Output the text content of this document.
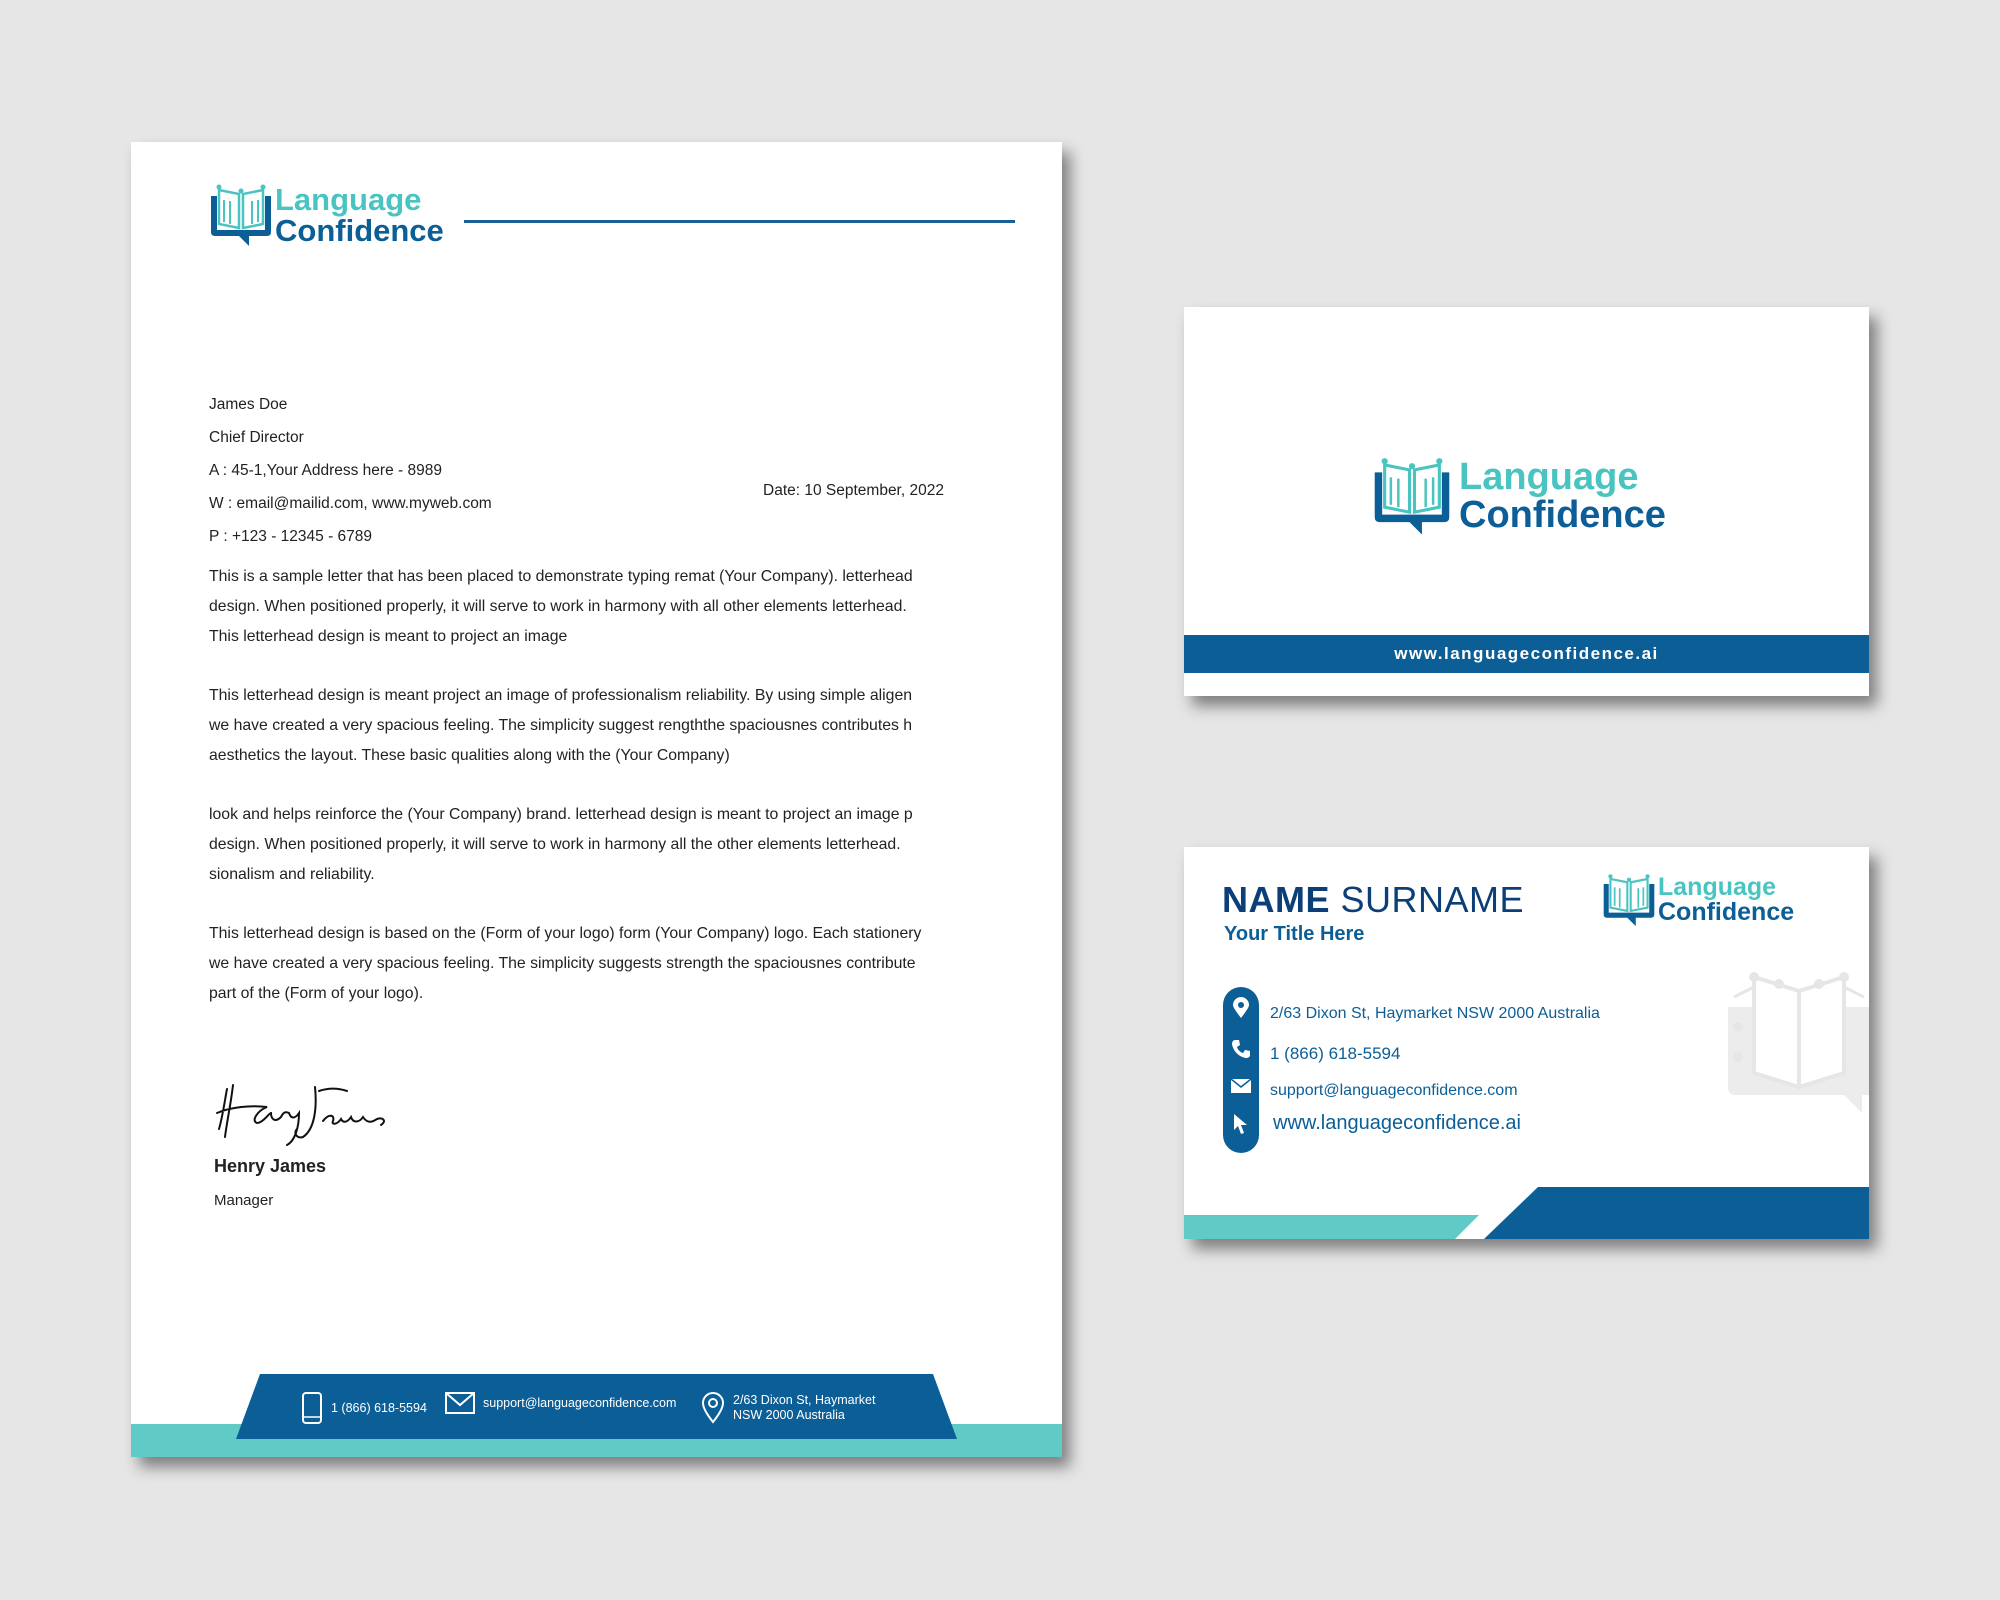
Language
Confidence
James Doe
Chief Director
A : 45-1,Your Address here - 8989
W : email@mailid.com, www.myweb.com
P : +123 - 12345 - 6789
Date: 10 September, 2022

This is a sample letter that has been placed to demonstrate typing remat (Your Company). letterhead
design. When positioned properly, it will serve to work in harmony with all other elements letterhead.
This letterhead design is meant to project an image

This letterhead design is meant project an image of professionalism reliability. By using simple aligen
we have created a very spacious feeling. The simplicity suggest rengththe spaciousnes contributes h
aesthetics the layout. These basic qualities along with the (Your Company)

look and helps reinforce the (Your Company) brand. letterhead design is meant to project an image p
design. When positioned properly, it will serve to work in harmony all the other elements letterhead.
sionalism and reliability.

This letterhead design is based on the (Form of your logo) form (Your Company) logo. Each stationery
we have created a very spacious feeling. The simplicity suggests strength the spaciousnes contribute
part of the (Form of your logo).

Henry James
Manager
1 (866) 618-5594	support@languageconfidence.com	2/63 Dixon St, Haymarket
NSW 2000 Australia
Language
Confidence
www.languageconfidence.ai
NAME SURNAME
Your Title Here
Language
Confidence
2/63 Dixon St, Haymarket NSW 2000 Australia
1 (866) 618-5594
support@languageconfidence.com
www.languageconfidence.ai
